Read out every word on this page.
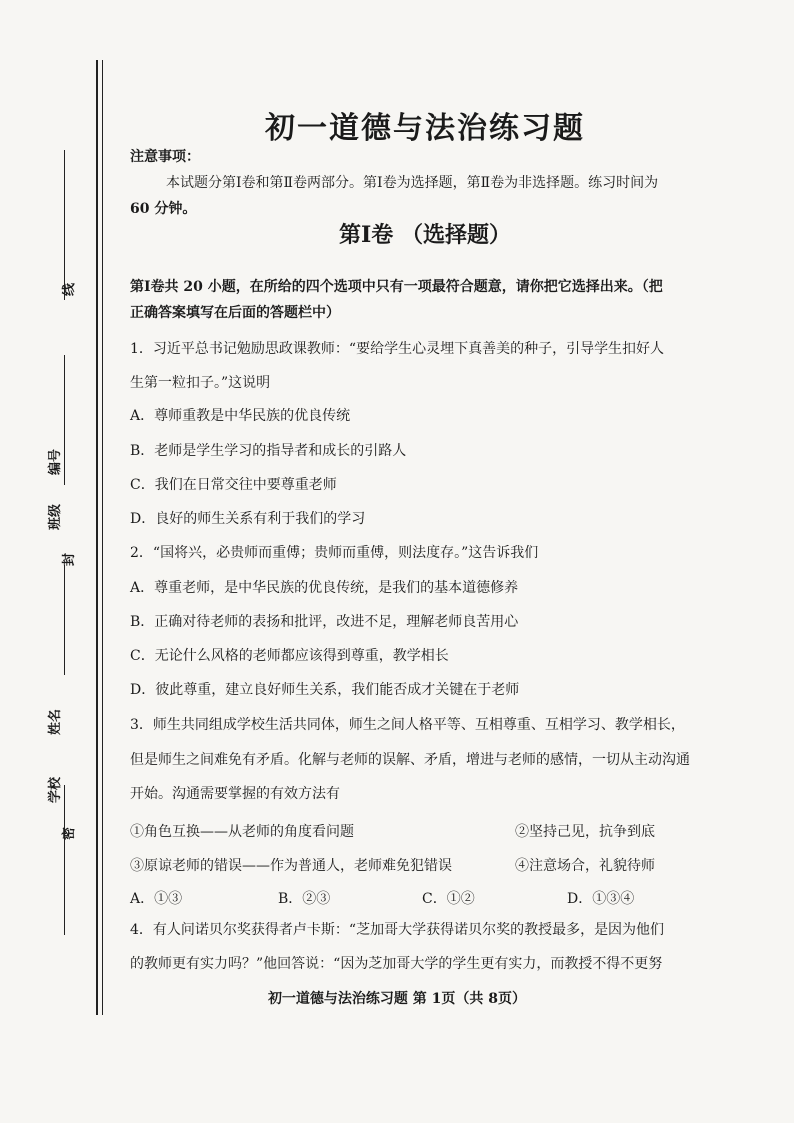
编号
班级
姓名
学校
线
封
密
初一道德与法治练习题
注意事项：
本试题分第Ⅰ卷和第Ⅱ卷两部分。第Ⅰ卷为选择题，第Ⅱ卷为非选择题。练习时间为
60 分钟。
第Ⅰ卷 （选择题）
第Ⅰ卷共 20 小题，在所给的四个选项中只有一项最符合题意，请你把它选择出来。（把
正确答案填写在后面的答题栏中）
1．习近平总书记勉励思政课教师：“要给学生心灵埋下真善美的种子，引导学生扣好人
生第一粒扣子。”这说明
A．尊师重教是中华民族的优良传统
B．老师是学生学习的指导者和成长的引路人
C．我们在日常交往中要尊重老师
D．良好的师生关系有利于我们的学习
2．“国将兴，必贵师而重傅；贵师而重傅，则法度存。”这告诉我们
A．尊重老师，是中华民族的优良传统，是我们的基本道德修养
B．正确对待老师的表扬和批评，改进不足，理解老师良苦用心
C．无论什么风格的老师都应该得到尊重，教学相长
D．彼此尊重，建立良好师生关系，我们能否成才关键在于老师
3．师生共同组成学校生活共同体，师生之间人格平等、互相尊重、互相学习、教学相长，
但是师生之间难免有矛盾。化解与老师的误解、矛盾，增进与老师的感情，一切从主动沟通
开始。沟通需要掌握的有效方法有
①角色互换——从老师的角度看问题	②坚持己见，抗争到底
③原谅老师的错误——作为普通人，老师难免犯错误	④注意场合，礼貌待师
A．①③	B．②③	C．①②	D．①③④
4．有人问诺贝尔奖获得者卢卡斯：“芝加哥大学获得诺贝尔奖的教授最多，是因为他们
的教师更有实力吗？”他回答说：“因为芝加哥大学的学生更有实力，而教授不得不更努
初一道德与法治练习题 第 1页（共 8页）
